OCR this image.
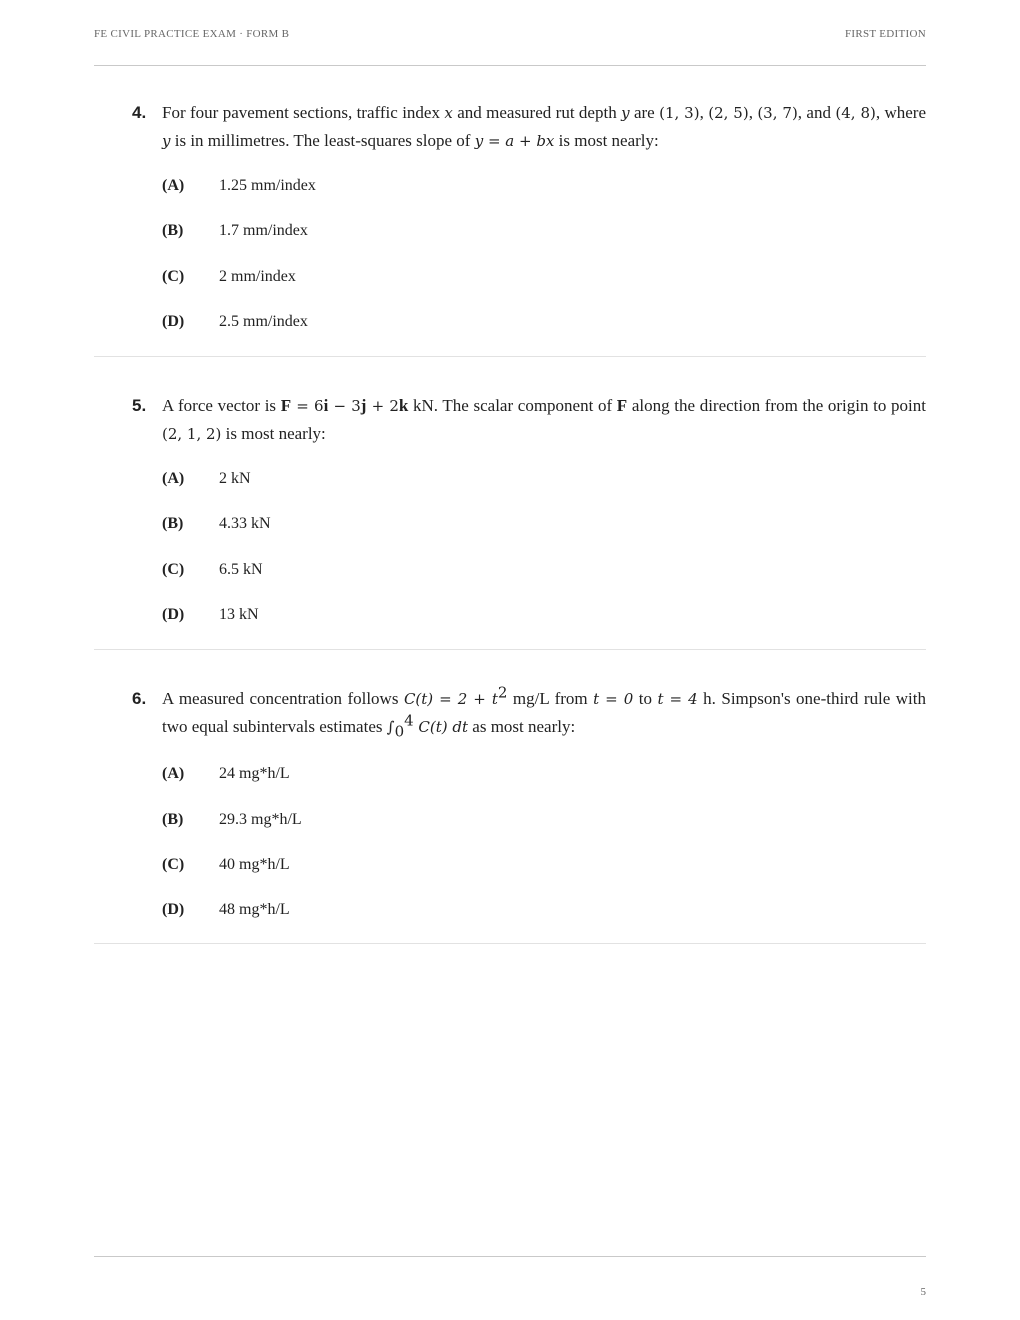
FE CIVIL PRACTICE EXAM · FORM B	FIRST EDITION
4. For four pavement sections, traffic index x and measured rut depth y are (1, 3), (2, 5), (3, 7), and (4, 8), where y is in millimetres. The least-squares slope of y = a + bx is most nearly:
(A) 1.25 mm/index
(B) 1.7 mm/index
(C) 2 mm/index
(D) 2.5 mm/index
5. A force vector is F = 6i − 3j + 2k kN. The scalar component of F along the direction from the origin to point (2, 1, 2) is most nearly:
(A) 2 kN
(B) 4.33 kN
(C) 6.5 kN
(D) 13 kN
6. A measured concentration follows $C(t) = 2 + t^2$ mg/L from t = 0 to t = 4 h. Simpson's one-third rule with two equal subintervals estimates $\int_0^4$ C(t) dt as most nearly:
(A) 24 mg*h/L
(B) 29.3 mg*h/L
(C) 40 mg*h/L
(D) 48 mg*h/L
5
